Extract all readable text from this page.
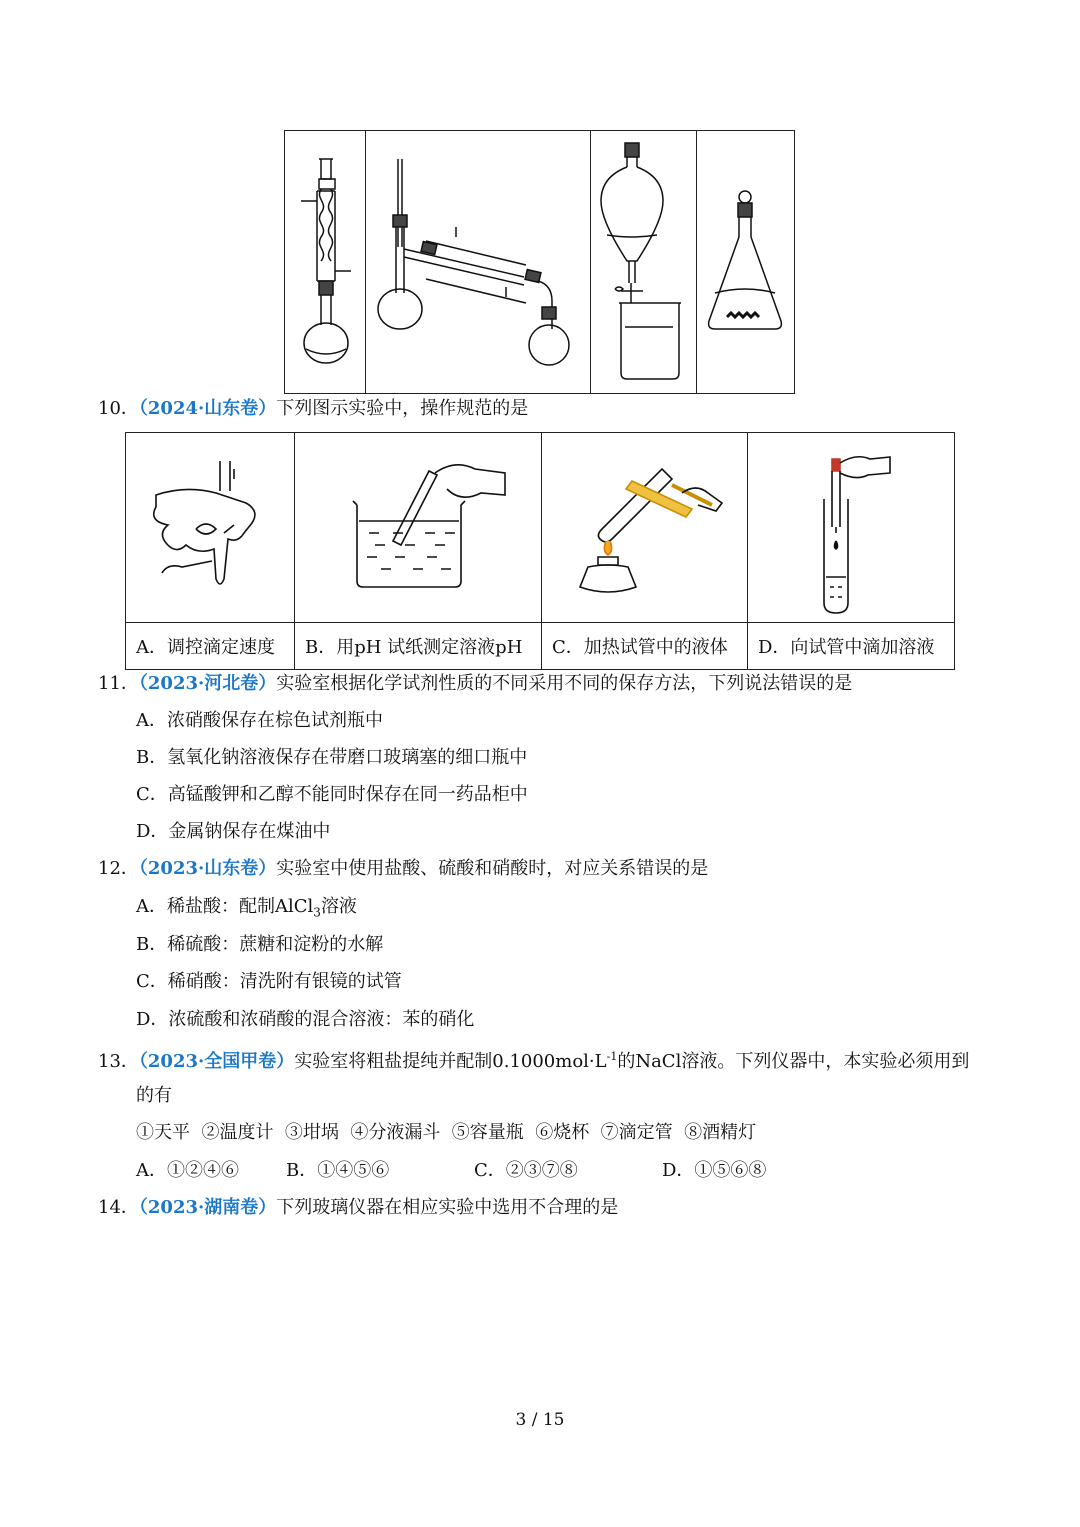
10．（2024·山东卷）下列图示实验中，操作规范的是
A．调控滴定速度	B．用pH 试纸测定溶液pH	C．加热试管中的液体	D．向试管中滴加溶液
11．（2023·河北卷）实验室根据化学试剂性质的不同采用不同的保存方法，下列说法错误的是
A．浓硝酸保存在棕色试剂瓶中
B．氢氧化钠溶液保存在带磨口玻璃塞的细口瓶中
C．高锰酸钾和乙醇不能同时保存在同一药品柜中
D．金属钠保存在煤油中
12．（2023·山东卷）实验室中使用盐酸、硫酸和硝酸时，对应关系错误的是
A．稀盐酸：配制AlCl$_3$溶液
B．稀硫酸：蔗糖和淀粉的水解
C．稀硝酸：清洗附有银镜的试管
D．浓硫酸和浓硝酸的混合溶液：苯的硝化
13．（2023·全国甲卷）实验室将粗盐提纯并配制$0.1000mol\cdot L^{-1}$的NaCl溶液。下列仪器中，本实验必须用到
的有
①天平  ②温度计  ③坩埚  ④分液漏斗  ⑤容量瓶  ⑥烧杯  ⑦滴定管  ⑧酒精灯
A．①②④⑥	B．①④⑤⑥	C．②③⑦⑧	D．①⑤⑥⑧
14．（2023·湖南卷）下列玻璃仪器在相应实验中选用不合理的是
3 / 15
